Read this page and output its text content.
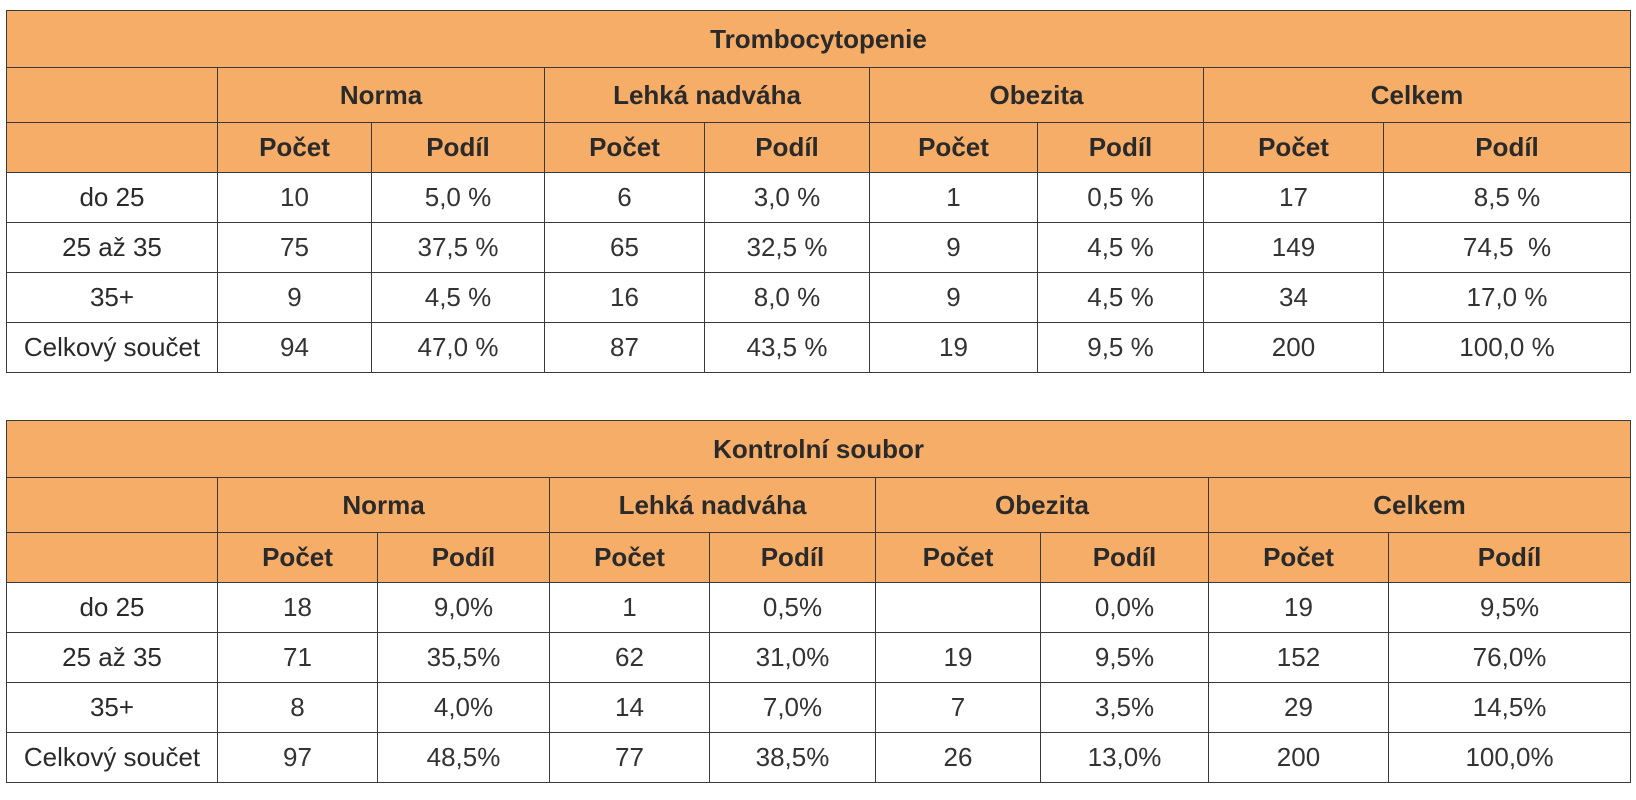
Trombocytopenie								
	Norma		Lehká nadváha		Obezita		Celkem	
	Počet	Podíl	Počet	Podíl	Počet	Podíl	Počet	Podíl
do 25	10	5,0 %	6	3,0 %	1	0,5 %	17	8,5 %
25 až 35	75	37,5 %	65	32,5 %	9	4,5 %	149	74,5  %
35+	9	4,5 %	16	8,0 %	9	4,5 %	34	17,0 %
Celkový součet	94	47,0 %	87	43,5 %	19	9,5 %	200	100,0 %
Kontrolní soubor								
	Norma		Lehká nadváha		Obezita		Celkem	
	Počet	Podíl	Počet	Podíl	Počet	Podíl	Počet	Podíl
do 25	18	9,0%	1	0,5%		0,0%	19	9,5%
25 až 35	71	35,5%	62	31,0%	19	9,5%	152	76,0%
35+	8	4,0%	14	7,0%	7	3,5%	29	14,5%
Celkový součet	97	48,5%	77	38,5%	26	13,0%	200	100,0%
